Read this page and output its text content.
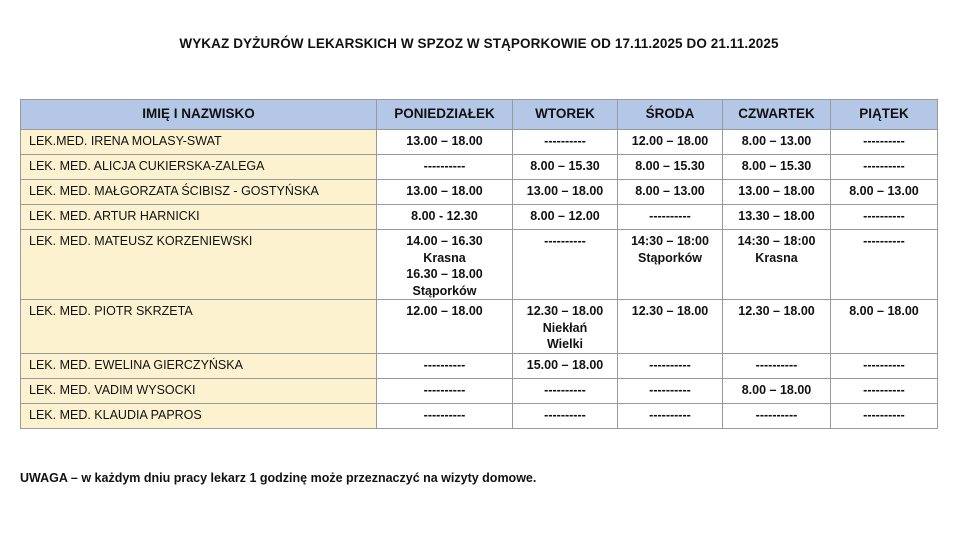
WYKAZ DYŻURÓW LEKARSKICH W SPZOZ W STĄPORKOWIE OD 17.11.2025 DO 21.11.2025
IMIĘ I NAZWISKO	PONIEDZIAŁEK	WTOREK	ŚRODA	CZWARTEK	PIĄTEK
LEK.MED. IRENA MOLASY-SWAT	13.00 – 18.00	----------	12.00 – 18.00	8.00 – 13.00	----------

LEK. MED. ALICJA CUKIERSKA-ZALEGA	----------	8.00 – 15.30	8.00 – 15.30	8.00 – 15.30	----------

LEK. MED. MAŁGORZATA ŚCIBISZ - GOSTYŃSKA	13.00 – 18.00	13.00 – 18.00	8.00 – 13.00	13.00 – 18.00	8.00 – 13.00

LEK. MED. ARTUR HARNICKI	8.00 - 12.30	8.00 – 12.00	----------	13.30 – 18.00	----------

LEK. MED. MATEUSZ KORZENIEWSKI	14.00 – 16.30
Krasna
16.30 – 18.00
Stąporków	----------	14:30 – 18:00
Stąporków	14:30 – 18:00
Krasna	----------

LEK. MED. PIOTR SKRZETA	12.00 – 18.00	12.30 – 18.00
Niekłań
Wielki	12.30 – 18.00	12.30 – 18.00	8.00 – 18.00

LEK. MED. EWELINA GIERCZYŃSKA	----------	15.00 – 18.00	----------	----------	----------

LEK. MED. VADIM WYSOCKI	----------	----------	----------	8.00 – 18.00	----------

LEK. MED. KLAUDIA PAPROS	----------	----------	----------	----------	----------
UWAGA – w każdym dniu pracy lekarz 1 godzinę może przeznaczyć na wizyty domowe.
